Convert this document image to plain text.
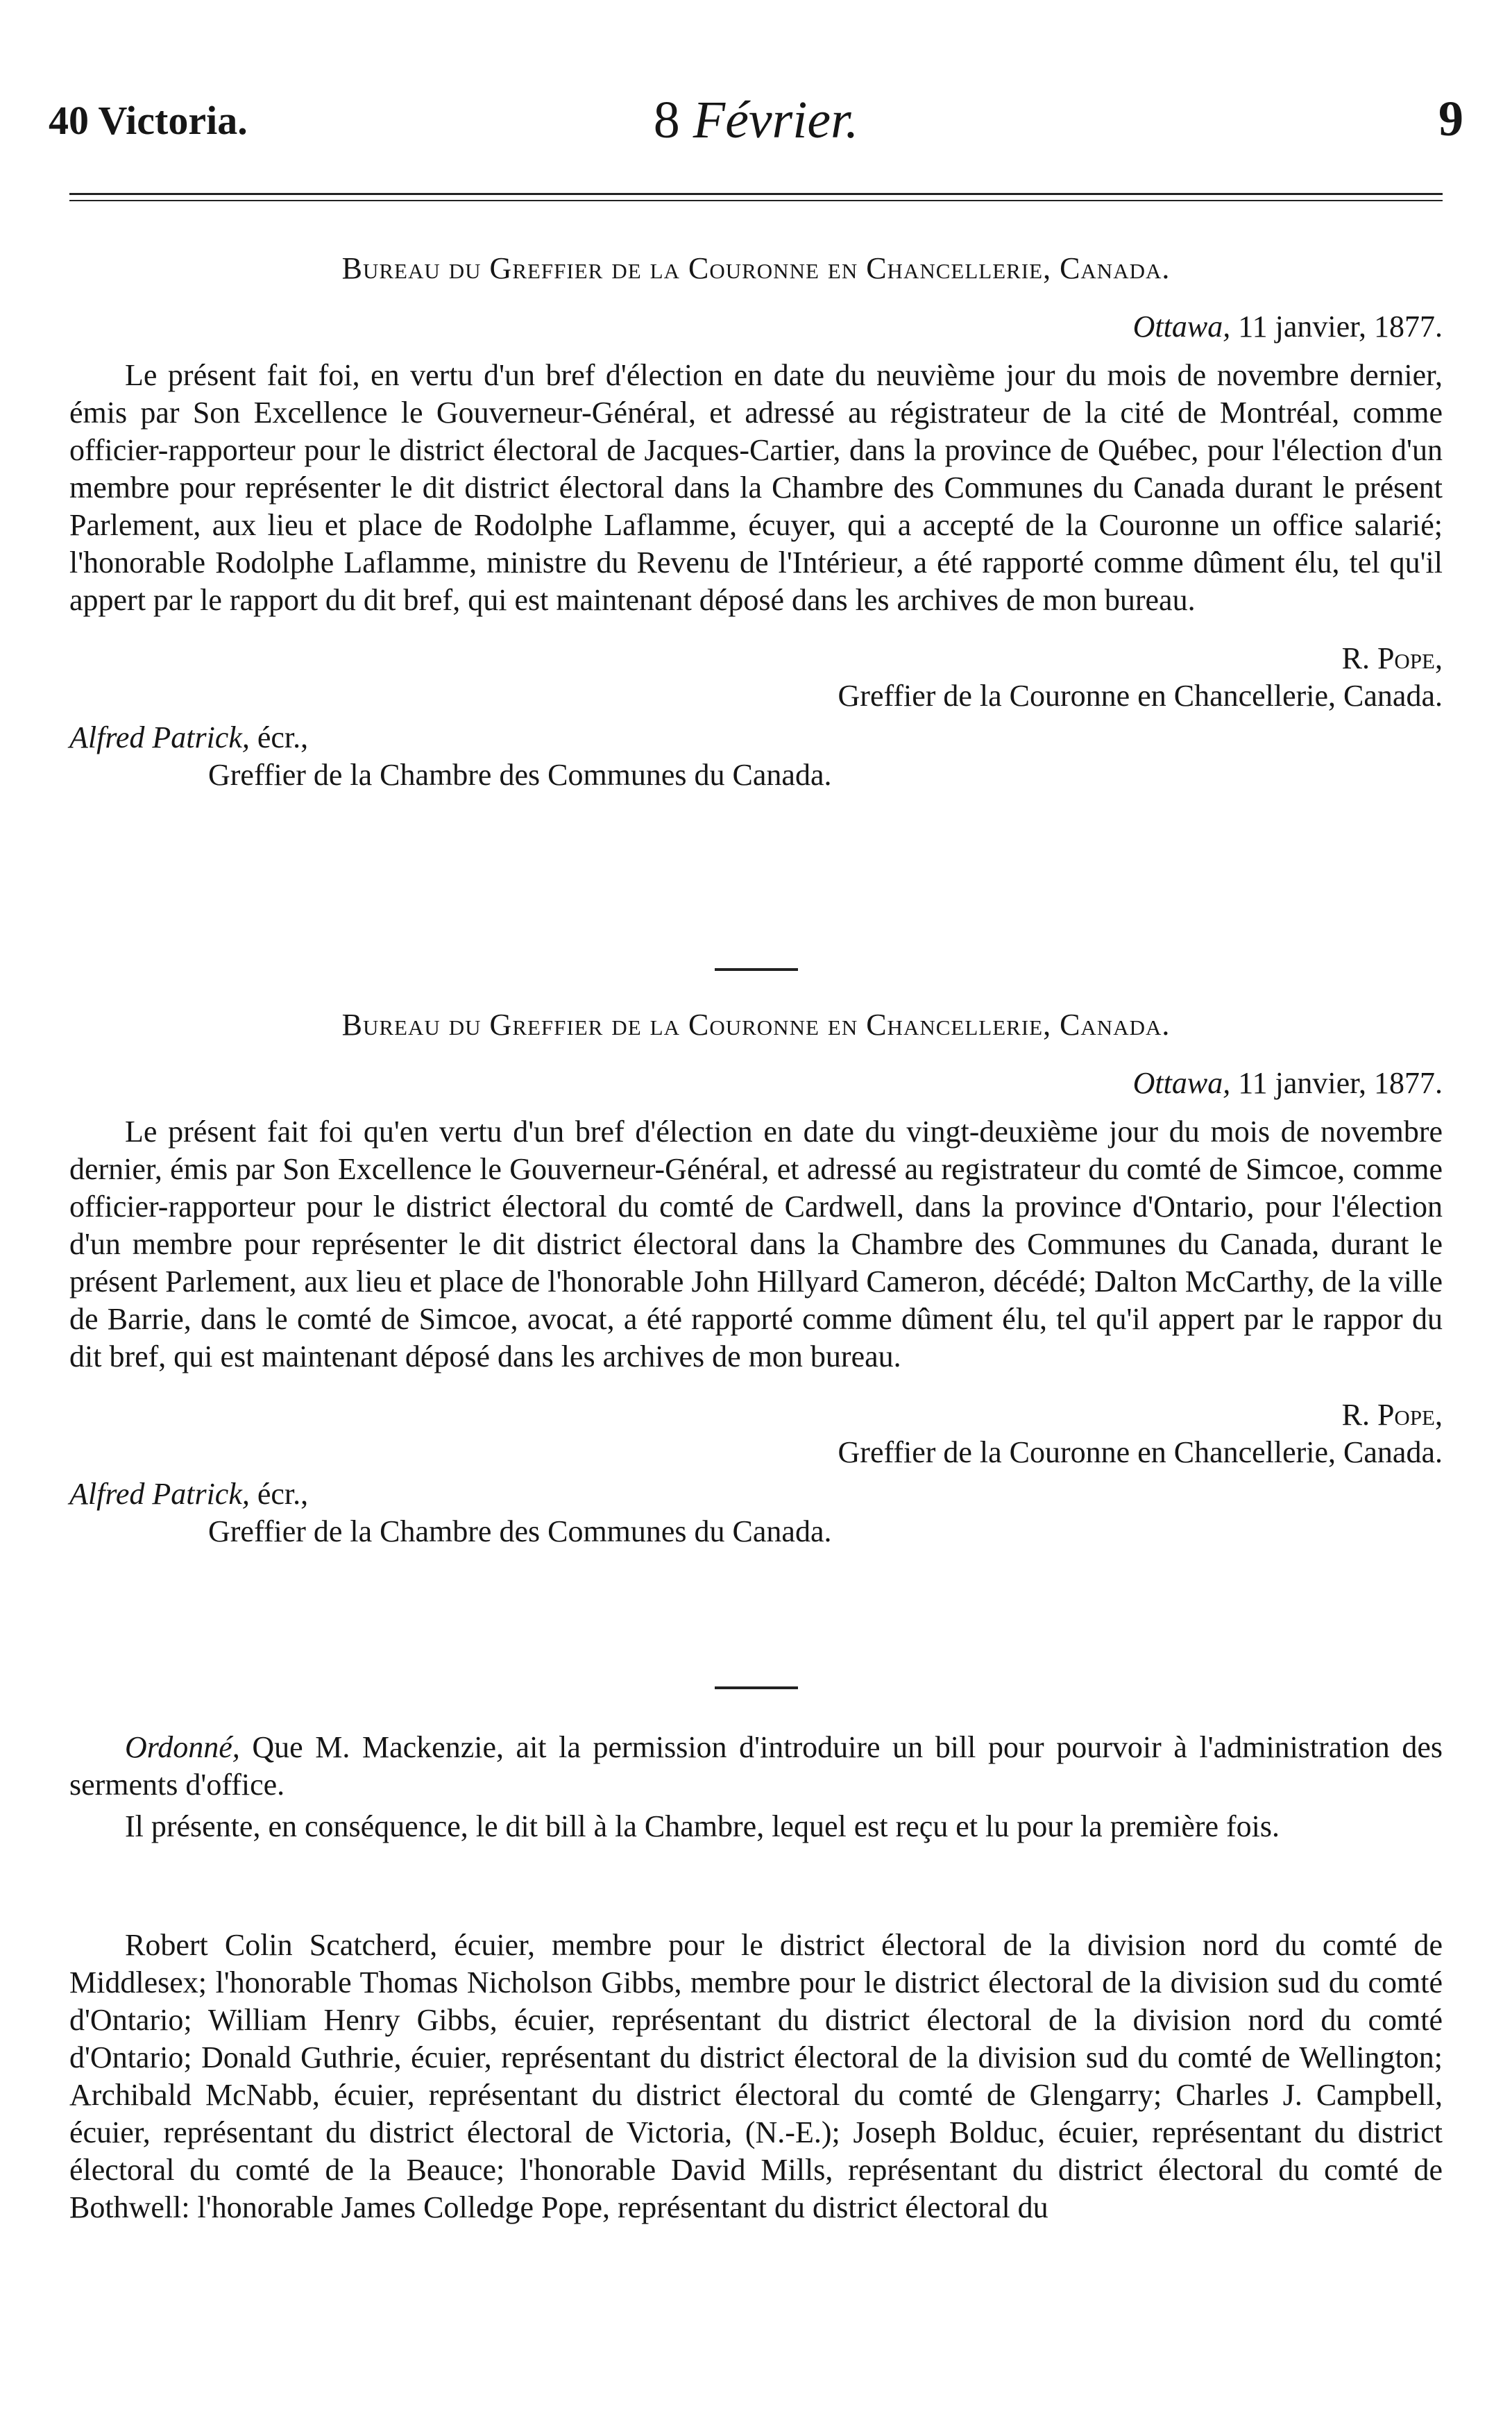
40 Victoria.	8 Février.	9
Bureau du Greffier de la Couronne en Chancellerie, Canada.
Ottawa, 11 janvier, 1877.

Le présent fait foi, en vertu d'un bref d'élection en date du neuvième jour du mois de novembre dernier, émis par Son Excellence le Gouverneur-Général, et adressé au régistrateur de la cité de Montréal, comme officier-rapporteur pour le district électoral de Jacques-Cartier, dans la province de Québec, pour l'élection d'un membre pour représenter le dit district électoral dans la Chambre des Communes du Canada durant le présent Parlement, aux lieu et place de Rodolphe Laflamme, écuyer, qui a accepté de la Couronne un office salarié; l'honorable Rodolphe Laflamme, ministre du Revenu de l'Intérieur, a été rapporté comme dûment élu, tel qu'il appert par le rapport du dit bref, qui est maintenant déposé dans les archives de mon bureau.

R. Pope,
Greffier de la Couronne en Chancellerie, Canada.
Alfred Patrick, écr.,
Greffier de la Chambre des Communes du Canada.
Bureau du Greffier de la Couronne en Chancellerie, Canada.
Ottawa, 11 janvier, 1877.

Le présent fait foi qu'en vertu d'un bref d'élection en date du vingt-deuxième jour du mois de novembre dernier, émis par Son Excellence le Gouverneur-Général, et adressé au registrateur du comté de Simcoe, comme officier-rapporteur pour le district électoral du comté de Cardwell, dans la province d'Ontario, pour l'élection d'un membre pour représenter le dit district électoral dans la Chambre des Communes du Canada, durant le présent Parlement, aux lieu et place de l'honorable John Hillyard Cameron, décédé; Dalton McCarthy, de la ville de Barrie, dans le comté de Simcoe, avocat, a été rapporté comme dûment élu, tel qu'il appert par le rappor du dit bref, qui est maintenant déposé dans les archives de mon bureau.

R. Pope,
Greffier de la Couronne en Chancellerie, Canada.
Alfred Patrick, écr.,
Greffier de la Chambre des Communes du Canada.

Ordonné, Que M. Mackenzie, ait la permission d'introduire un bill pour pourvoir à l'administration des serments d'office.

Il présente, en conséquence, le dit bill à la Chambre, lequel est reçu et lu pour la première fois.

Robert Colin Scatcherd, écuier, membre pour le district électoral de la division nord du comté de Middlesex; l'honorable Thomas Nicholson Gibbs, membre pour le district électoral de la division sud du comté d'Ontario; William Henry Gibbs, écuier, représentant du district électoral de la division nord du comté d'Ontario; Donald Guthrie, écuier, représentant du district électoral de la division sud du comté de Wellington; Archibald McNabb, écuier, représentant du district électoral du comté de Glengarry; Charles J. Campbell, écuier, représentant du district électoral de Victoria, (N.-E.); Joseph Bolduc, écuier, représentant du district électoral du comté de la Beauce; l'honorable David Mills, représentant du district électoral du comté de Bothwell: l'honorable James Colledge Pope, représentant du district électoral du
